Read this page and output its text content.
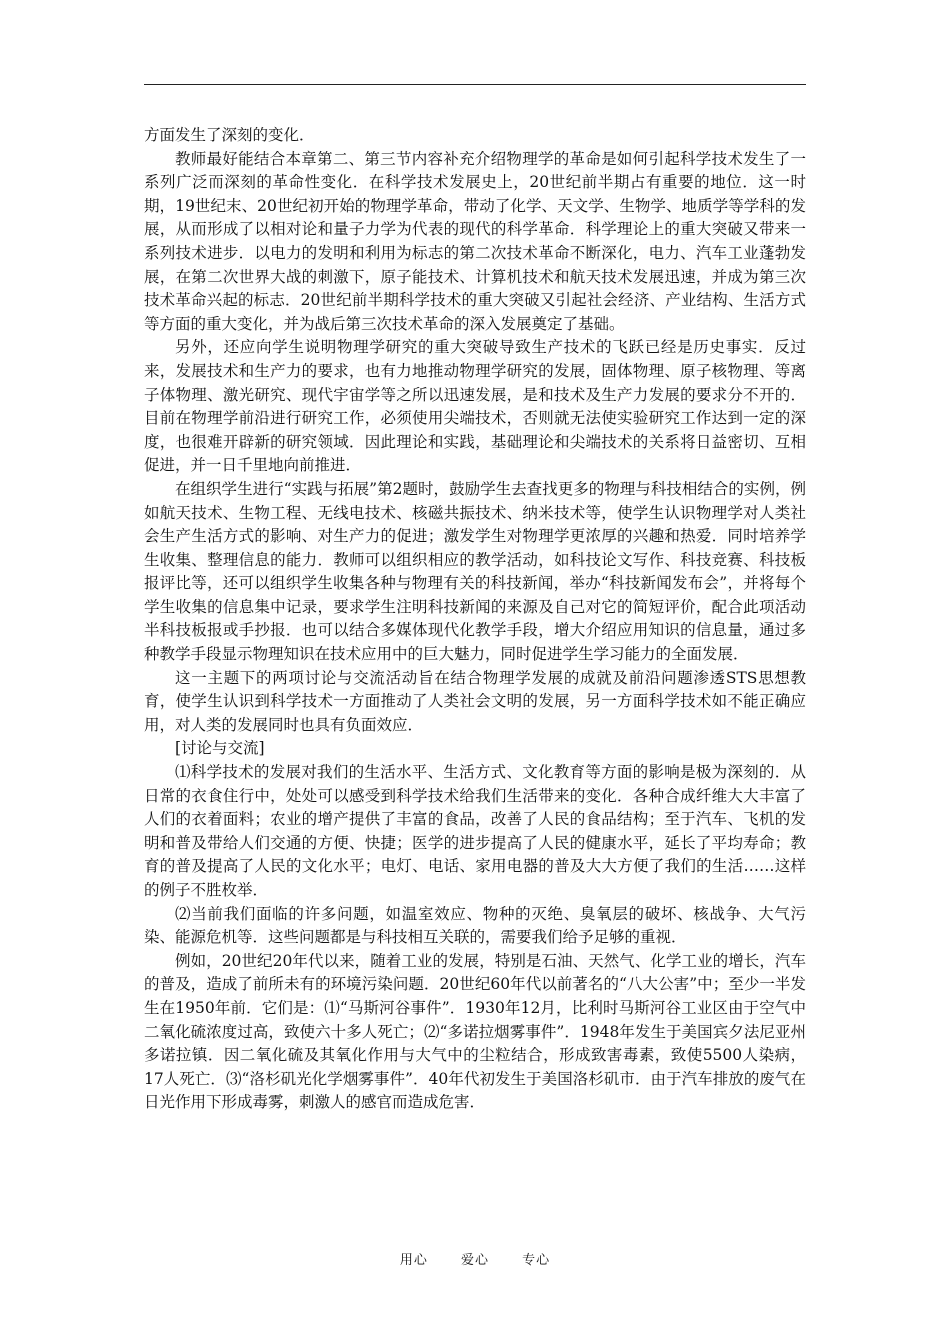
方面发生了深刻的变化．

教师最好能结合本章第二、第三节内容补充介绍物理学的革命是如何引起科学技术发生了一系列广泛而深刻的革命性变化．在科学技术发展史上，20世纪前半期占有重要的地位．这一时期，19世纪末、20世纪初开始的物理学革命，带动了化学、天文学、生物学、地质学等学科的发展，从而形成了以相对论和量子力学为代表的现代的科学革命．科学理论上的重大突破又带来一系列技术进步．以电力的发明和利用为标志的第二次技术革命不断深化，电力、汽车工业蓬勃发展，在第二次世界大战的刺激下，原子能技术、计算机技术和航天技术发展迅速，并成为第三次技术革命兴起的标志．20世纪前半期科学技术的重大突破又引起社会经济、产业结构、生活方式等方面的重大变化，并为战后第三次技术革命的深入发展奠定了基础。

另外，还应向学生说明物理学研究的重大突破导致生产技术的飞跃已经是历史事实．反过来，发展技术和生产力的要求，也有力地推动物理学研究的发展，固体物理、原子核物理、等离子体物理、激光研究、现代宇宙学等之所以迅速发展，是和技术及生产力发展的要求分不开的．目前在物理学前沿进行研究工作，必须使用尖端技术，否则就无法使实验研究工作达到一定的深度，也很难开辟新的研究领域．因此理论和实践，基础理论和尖端技术的关系将日益密切、互相促进，并一日千里地向前推进．

在组织学生进行“实践与拓展”第2题时，鼓励学生去查找更多的物理与科技相结合的实例，例如航天技术、生物工程、无线电技术、核磁共振技术、纳米技术等，使学生认识物理学对人类社会生产生活方式的影响、对生产力的促进；激发学生对物理学更浓厚的兴趣和热爱．同时培养学生收集、整理信息的能力．教师可以组织相应的教学活动，如科技论文写作、科技竞赛、科技板报评比等，还可以组织学生收集各种与物理有关的科技新闻，举办“科技新闻发布会”，并将每个学生收集的信息集中记录，要求学生注明科技新闻的来源及自己对它的简短评价，配合此项活动半科技板报或手抄报．也可以结合多媒体现代化教学手段，增大介绍应用知识的信息量，通过多种教学手段显示物理知识在技术应用中的巨大魅力，同时促进学生学习能力的全面发展．

这一主题下的两项讨论与交流活动旨在结合物理学发展的成就及前沿问题渗透STS思想教育，使学生认识到科学技术一方面推动了人类社会文明的发展，另一方面科学技术如不能正确应用，对人类的发展同时也具有负面效应．

[讨论与交流]

⑴科学技术的发展对我们的生活水平、生活方式、文化教育等方面的影响是极为深刻的．从日常的衣食住行中，处处可以感受到科学技术给我们生活带来的变化．各种合成纤维大大丰富了人们的衣着面料；农业的增产提供了丰富的食品，改善了人民的食品结构；至于汽车、飞机的发明和普及带给人们交通的方便、快捷；医学的进步提高了人民的健康水平，延长了平均寿命；教育的普及提高了人民的文化水平；电灯、电话、家用电器的普及大大方便了我们的生活……这样的例子不胜枚举．

⑵当前我们面临的许多问题，如温室效应、物种的灭绝、臭氧层的破坏、核战争、大气污染、能源危机等．这些问题都是与科技相互关联的，需要我们给予足够的重视．

例如，20世纪20年代以来，随着工业的发展，特别是石油、天然气、化学工业的增长，汽车的普及，造成了前所未有的环境污染问题．20世纪60年代以前著名的“八大公害”中；至少一半发生在1950年前．它们是：⑴“马斯河谷事件”．1930年12月，比利时马斯河谷工业区由于空气中二氧化硫浓度过高，致使六十多人死亡；⑵“多诺拉烟雾事件”．1948年发生于美国宾夕法尼亚州多诺拉镇．因二氧化硫及其氧化作用与大气中的尘粒结合，形成致害毒素，致使5500人染病，17人死亡．⑶“洛杉矶光化学烟雾事件”．40年代初发生于美国洛杉矶市．由于汽车排放的废气在日光作用下形成毒雾，刺激人的感官而造成危害．

用心	爱心	专心
